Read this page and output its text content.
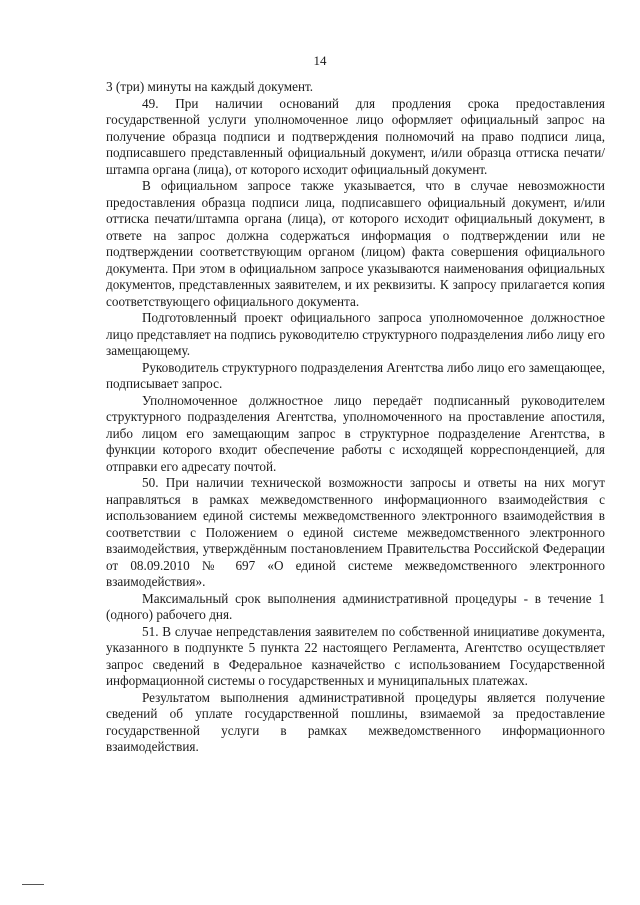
14

3 (три) минуты на каждый документ.

49. При наличии оснований для продления срока предоставления государственной услуги уполномоченное лицо оформляет официальный запрос на получение образца подписи и подтверждения полномочий на право подписи лица, подписавшего представленный официальный документ, и/или образца оттиска печати/штампа органа (лица), от которого исходит официальный документ.

В официальном запросе также указывается, что в случае невозможности предоставления образца подписи лица, подписавшего официальный документ, и/или оттиска печати/штампа органа (лица), от которого исходит официальный документ, в ответе на запрос должна содержаться информация о подтверждении или не подтверждении соответствующим органом (лицом) факта совершения официального документа. При этом в официальном запросе указываются наименования официальных документов, представленных заявителем, и их реквизиты. К запросу прилагается копия соответствующего официального документа.

Подготовленный проект официального запроса уполномоченное должностное лицо представляет на подпись руководителю структурного подразделения либо лицу его замещающему.

Руководитель структурного подразделения Агентства либо лицо его замещающее, подписывает запрос.

Уполномоченное должностное лицо передаёт подписанный руководителем структурного подразделения Агентства, уполномоченного на проставление апостиля, либо лицом его замещающим запрос в структурное подразделение Агентства, в функции которого входит обеспечение работы с исходящей корреспонденцией, для отправки его адресату почтой.

50. При наличии технической возможности запросы и ответы на них могут направляться в рамках межведомственного информационного взаимодействия с использованием единой системы межведомственного электронного взаимодействия в соответствии с Положением о единой системе межведомственного электронного взаимодействия, утверждённым постановлением Правительства Российской Федерации от 08.09.2010 № 697 «О единой системе межведомственного электронного взаимодействия».

Максимальный срок выполнения административной процедуры - в течение 1 (одного) рабочего дня.

51. В случае непредставления заявителем по собственной инициативе документа, указанного в подпункте 5 пункта 22 настоящего Регламента, Агентство осуществляет запрос сведений в Федеральное казначейство с использованием Государственной информационной системы о государственных и муниципальных платежах.

Результатом выполнения административной процедуры является получение сведений об уплате государственной пошлины, взимаемой за предоставление государственной услуги в рамках межведомственного информационного взаимодействия.
